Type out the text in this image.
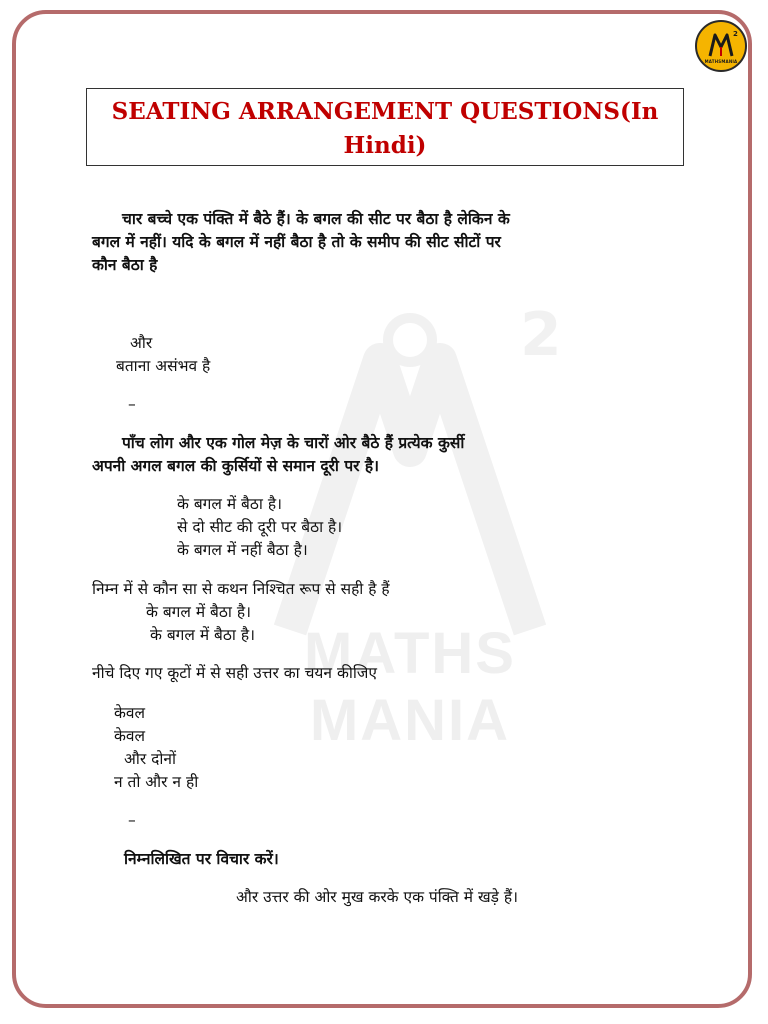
2
MATHSMANIA
2
MATHS MANIA
SEATING ARRANGEMENT QUESTIONS(In Hindi)
चार बच्चे एक पंक्ति में बैठे हैं। के बगल की सीट पर बैठा है लेकिन के
बगल में नहीं। यदि के बगल में नहीं बैठा है तो के समीप की सीट सीटों पर
कौन बैठा है
और
बताना असंभव है
–
पाँच लोग और एक गोल मेज़ के चारों ओर बैठे हैं प्रत्येक कुर्सी
अपनी अगल बगल की कुर्सियों से समान दूरी पर है।
के बगल में बैठा है।
से दो सीट की दूरी पर बैठा है।
के बगल में नहीं बैठा है।
निम्न में से कौन सा से कथन निश्चित रूप से सही है हैं
के बगल में बैठा है।
के बगल में बैठा है।
नीचे दिए गए कूटों में से सही उत्तर का चयन कीजिए
केवल
केवल
और दोनों
न तो और न ही
–
निम्नलिखित पर विचार करें।
और उत्तर की ओर मुख करके एक पंक्ति में खड़े हैं।
